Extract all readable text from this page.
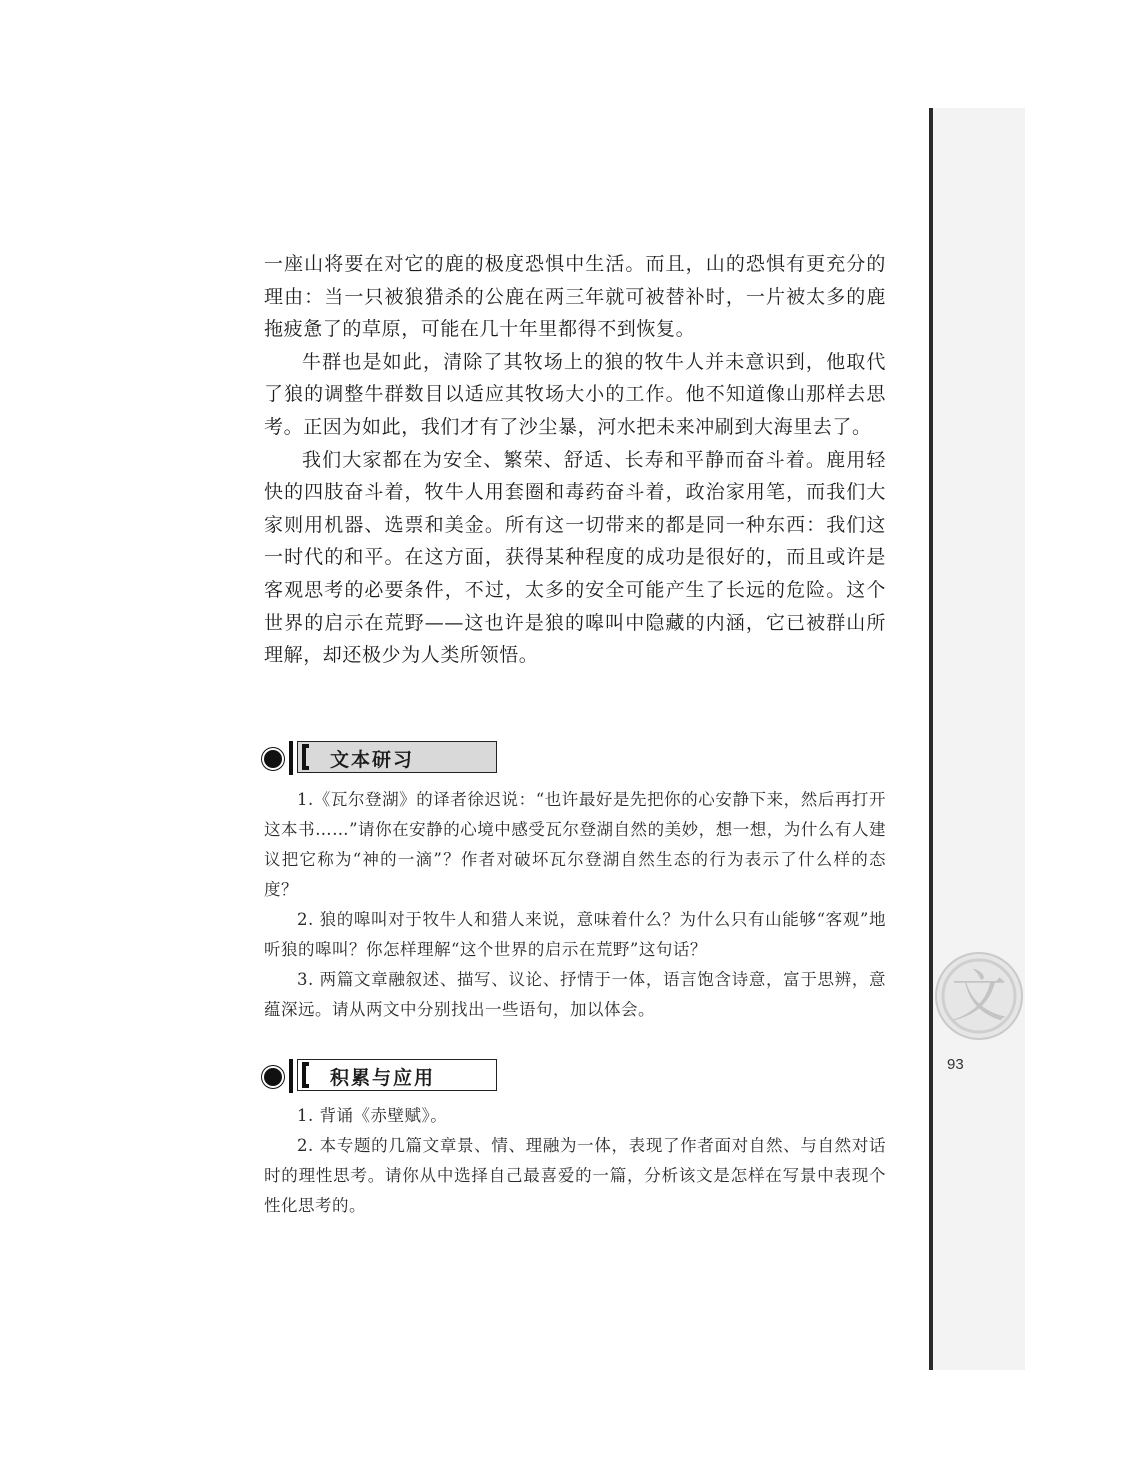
文
93

一座山将要在对它的鹿的极度恐惧中生活。而且，山的恐惧有更充分的理由：当一只被狼猎杀的公鹿在两三年就可被替补时，一片被太多的鹿拖疲惫了的草原，可能在几十年里都得不到恢复。

牛群也是如此，清除了其牧场上的狼的牧牛人并未意识到，他取代了狼的调整牛群数目以适应其牧场大小的工作。他不知道像山那样去思考。正因为如此，我们才有了沙尘暴，河水把未来冲刷到大海里去了。

我们大家都在为安全、繁荣、舒适、长寿和平静而奋斗着。鹿用轻快的四肢奋斗着，牧牛人用套圈和毒药奋斗着，政治家用笔，而我们大家则用机器、选票和美金。所有这一切带来的都是同一种东西：我们这一时代的和平。在这方面，获得某种程度的成功是很好的，而且或许是客观思考的必要条件，不过，太多的安全可能产生了长远的危险。这个世界的启示在荒野——这也许是狼的嗥叫中隐藏的内涵，它已被群山所理解，却还极少为人类所领悟。

文本研习

1.《瓦尔登湖》的译者徐迟说：“也许最好是先把你的心安静下来，然后再打开这本书……”请你在安静的心境中感受瓦尔登湖自然的美妙，想一想，为什么有人建议把它称为“神的一滴”？作者对破坏瓦尔登湖自然生态的行为表示了什么样的态度？

2. 狼的嗥叫对于牧牛人和猎人来说，意味着什么？为什么只有山能够“客观”地听狼的嗥叫？你怎样理解“这个世界的启示在荒野”这句话？

3. 两篇文章融叙述、描写、议论、抒情于一体，语言饱含诗意，富于思辨，意蕴深远。请从两文中分别找出一些语句，加以体会。

积累与应用

1. 背诵《赤壁赋》。

2. 本专题的几篇文章景、情、理融为一体，表现了作者面对自然、与自然对话时的理性思考。请你从中选择自己最喜爱的一篇，分析该文是怎样在写景中表现个性化思考的。
